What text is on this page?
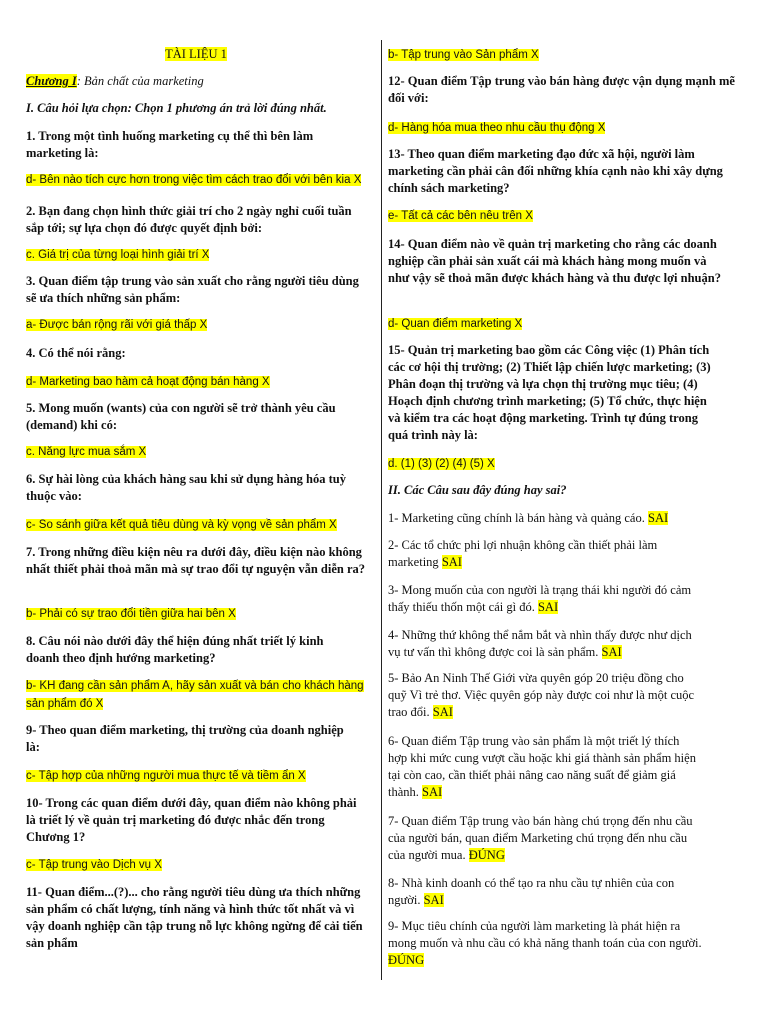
TÀI LIỆU 1
Chương I: Bản chất của marketing
I. Câu hỏi lựa chọn: Chọn 1 phương án trả lời đúng nhất.
1. Trong một tình huống marketing cụ thể thì bên làm marketing là:
d- Bên nào tích cực hơn trong việc tìm cách trao đổi với bên kia X
2. Bạn đang chọn hình thức giải trí cho 2 ngày nghỉ cuối tuần sắp tới; sự lựa chọn đó được quyết định bởi:
c. Giá trị của từng loại hình giải trí X
3. Quan điểm tập trung vào sản xuất cho rằng người tiêu dùng sẽ ưa thích những sản phẩm:
a- Được bán rộng rãi với giá thấp X
4. Có thể nói rằng:
d- Marketing bao hàm cả hoạt động bán hàng X
5. Mong muốn (wants) của con người sẽ trở thành yêu cầu (demand) khi có:
c. Năng lực mua sắm X
6. Sự hài lòng của khách hàng sau khi sử dụng hàng hóa tuỳ thuộc vào:
c- So sánh giữa kết quả tiêu dùng và kỳ vọng về sản phẩm X
7. Trong những điều kiện nêu ra dưới đây, điều kiện nào không nhất thiết phải thoả mãn mà sự trao đổi tự nguyện vẫn diễn ra?
b- Phải có sự trao đổi tiền giữa hai bên X
8. Câu nói nào dưới đây thể hiện đúng nhất triết lý kinh doanh theo định hướng marketing?
b- KH đang cần sản phẩm A, hãy sản xuất và bán cho khách hàng sản phẩm đó X
9- Theo quan điểm marketing, thị trường của doanh nghiệp là:
c- Tập hợp của những người mua thực tế và tiềm ẩn X
10- Trong các quan điểm dưới đây, quan điểm nào không phải là triết lý về quản trị marketing đó được nhắc đến trong Chương 1?
c- Tập trung vào Dịch vụ X
11- Quan điểm...(?)... cho rằng người tiêu dùng ưa thích những sản phẩm có chất lượng, tính năng và hình thức tốt nhất và vì vậy doanh nghiệp cần tập trung nỗ lực không ngừng để cải tiến sản phẩm
b- Tập trung vào Sản phẩm X
12- Quan điểm Tập trung vào bán hàng được vận dụng mạnh mẽ đối với:
d- Hàng hóa mua theo nhu cầu thụ động X
13- Theo quan điểm marketing đạo đức xã hội, người làm marketing cần phải cân đối những khía cạnh nào khi xây dựng chính sách marketing?
e- Tất cả các bên nêu trên X
14- Quan điểm nào về quản trị marketing cho rằng các doanh nghiệp cần phải sản xuất cái mà khách hàng mong muốn và như vậy sẽ thoả mãn được khách hàng và thu được lợi nhuận?
d- Quan điểm marketing X
15- Quản trị marketing bao gồm các Công việc (1) Phân tích các cơ hội thị trường; (2) Thiết lập chiến lược marketing; (3) Phân đoạn thị trường và lựa chọn thị trường mục tiêu; (4) Hoạch định chương trình marketing; (5) Tổ chức, thực hiện và kiểm tra các hoạt động marketing. Trình tự đúng trong quá trình này là:
d. (1) (3) (2) (4) (5) X
II. Các Câu sau đây đúng hay sai?
1- Marketing cũng chính là bán hàng và quảng cáo. SAI
2- Các tổ chức phi lợi nhuận không cần thiết phải làm marketing SAI
3- Mong muốn của con người là trạng thái khi người đó cảm thấy thiếu thốn một cái gì đó. SAI
4- Những thứ không thể nắm bắt và nhìn thấy được như dịch vụ tư vấn thì không được coi là sản phẩm. SAI
5- Bảo An Ninh Thế Giới vừa quyên góp 20 triệu đồng cho quỹ Vì trẻ thơ. Việc quyên góp này được coi như là một cuộc trao đổi. SAI
6- Quan điểm Tập trung vào sản phẩm là một triết lý thích hợp khi mức cung vượt cầu hoặc khi giá thành sản phẩm hiện tại còn cao, cần thiết phải nâng cao năng suất để giảm giá thành. SAI
7- Quan điểm Tập trung vào bán hàng chú trọng đến nhu cầu của người bán, quan điểm Marketing chú trọng đến nhu cầu của người mua. ĐÚNG
8- Nhà kinh doanh có thể tạo ra nhu cầu tự nhiên của con người. SAI
9- Mục tiêu chính của người làm marketing là phát hiện ra mong muốn và nhu cầu có khả năng thanh toán của con người. ĐÚNG
